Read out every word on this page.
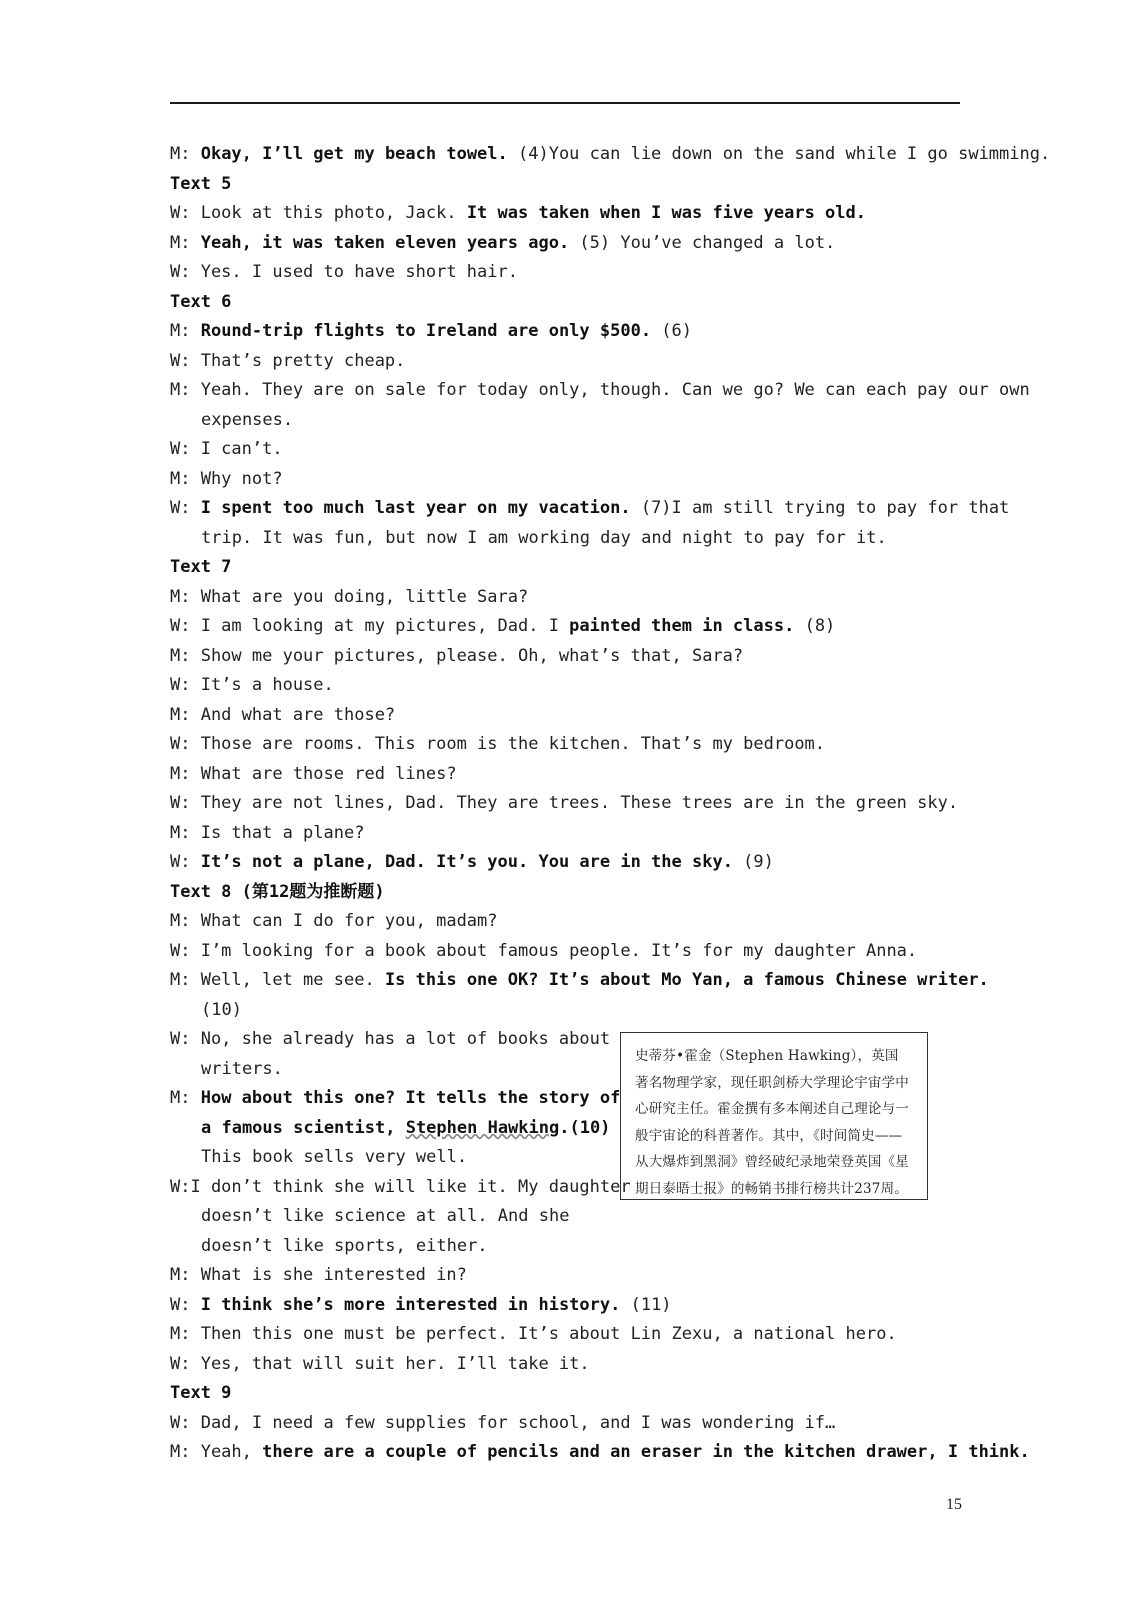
M: Okay, I’ll get my beach towel. (4)You can lie down on the sand while I go swimming.
Text 5
W: Look at this photo, Jack. It was taken when I was five years old.
M: Yeah, it was taken eleven years ago. (5) You’ve changed a lot.
W: Yes. I used to have short hair.
Text 6
M: Round-trip flights to Ireland are only $500. (6)
W: That’s pretty cheap.
M: Yeah. They are on sale for today only, though. Can we go? We can each pay our own
expenses.
W: I can’t.
M: Why not?
W: I spent too much last year on my vacation. (7)I am still trying to pay for that
trip. It was fun, but now I am working day and night to pay for it.
Text 7
M: What are you doing, little Sara?
W: I am looking at my pictures, Dad. I painted them in class. (8)
M: Show me your pictures, please. Oh, what’s that, Sara?
W: It’s a house.
M: And what are those?
W: Those are rooms. This room is the kitchen. That’s my bedroom.
M: What are those red lines?
W: They are not lines, Dad. They are trees. These trees are in the green sky.
M: Is that a plane?
W: It’s not a plane, Dad. It’s you. You are in the sky. (9)
Text 8 (第12题为推断题)
M: What can I do for you, madam?
W: I’m looking for a book about famous people. It’s for my daughter Anna.
M: Well, let me see. Is this one OK? It’s about Mo Yan, a famous Chinese writer.
(10)
W: No, she already has a lot of books about
writers.
M: How about this one? It tells the story of
a famous scientist, Stephen Hawking.(10)
This book sells very well.
W:I don’t think she will like it. My daughter
doesn’t like science at all. And she
doesn’t like sports, either.
M: What is she interested in?
W: I think she’s more interested in history. (11)
M: Then this one must be perfect. It’s about Lin Zexu, a national hero.
W: Yes, that will suit her. I’ll take it.
Text 9
W: Dad, I need a few supplies for school, and I was wondering if…
M: Yeah, there are a couple of pencils and an eraser in the kitchen drawer, I think.
史蒂芬•霍金（Stephen Hawking），英国
著名物理学家，现任职剑桥大学理论宇宙学中
心研究主任。霍金撰有多本阐述自己理论与一
般宇宙论的科普著作。其中，《时间简史——
从大爆炸到黑洞》曾经破纪录地荣登英国《星
期日泰晤士报》的畅销书排行榜共计237周。
15
